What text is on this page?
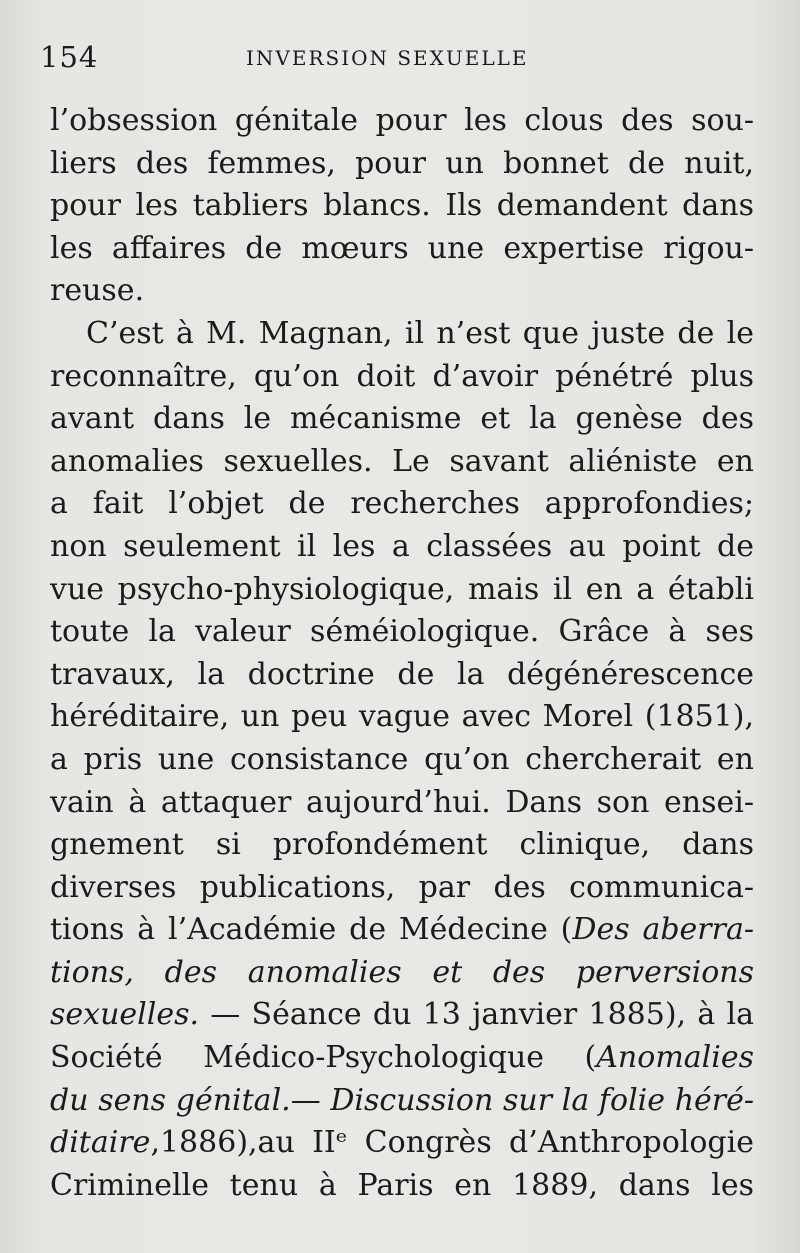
154	INVERSION SEXUELLE
l’obsession génitale pour les clous des sou-
liers des femmes, pour un bonnet de nuit,
pour les tabliers blancs. Ils demandent dans
les affaires de mœurs une expertise rigou-
reuse.
C’est à M. Magnan, il n’est que juste de le
reconnaître, qu’on doit d’avoir pénétré plus
avant dans le mécanisme et la genèse des
anomalies sexuelles. Le savant aliéniste en
a fait l’objet de recherches approfondies;
non seulement il les a classées au point de
vue psycho-physiologique, mais il en a établi
toute la valeur séméiologique. Grâce à ses
travaux, la doctrine de la dégénérescence
héréditaire, un peu vague avec Morel (1851),
a pris une consistance qu’on chercherait en
vain à attaquer aujourd’hui. Dans son ensei-
gnement si profondément clinique, dans
diverses publications, par des communica-
tions à l’Académie de Médecine (Des aberra-
tions, des anomalies et des perversions
sexuelles. — Séance du 13 janvier 1885), à la
Société Médico-Psychologique (Anomalies
du sens génital.— Discussion sur la folie héré-
ditaire,1886),au IIᵉ Congrès d’Anthropologie
Criminelle tenu à Paris en 1889, dans les
